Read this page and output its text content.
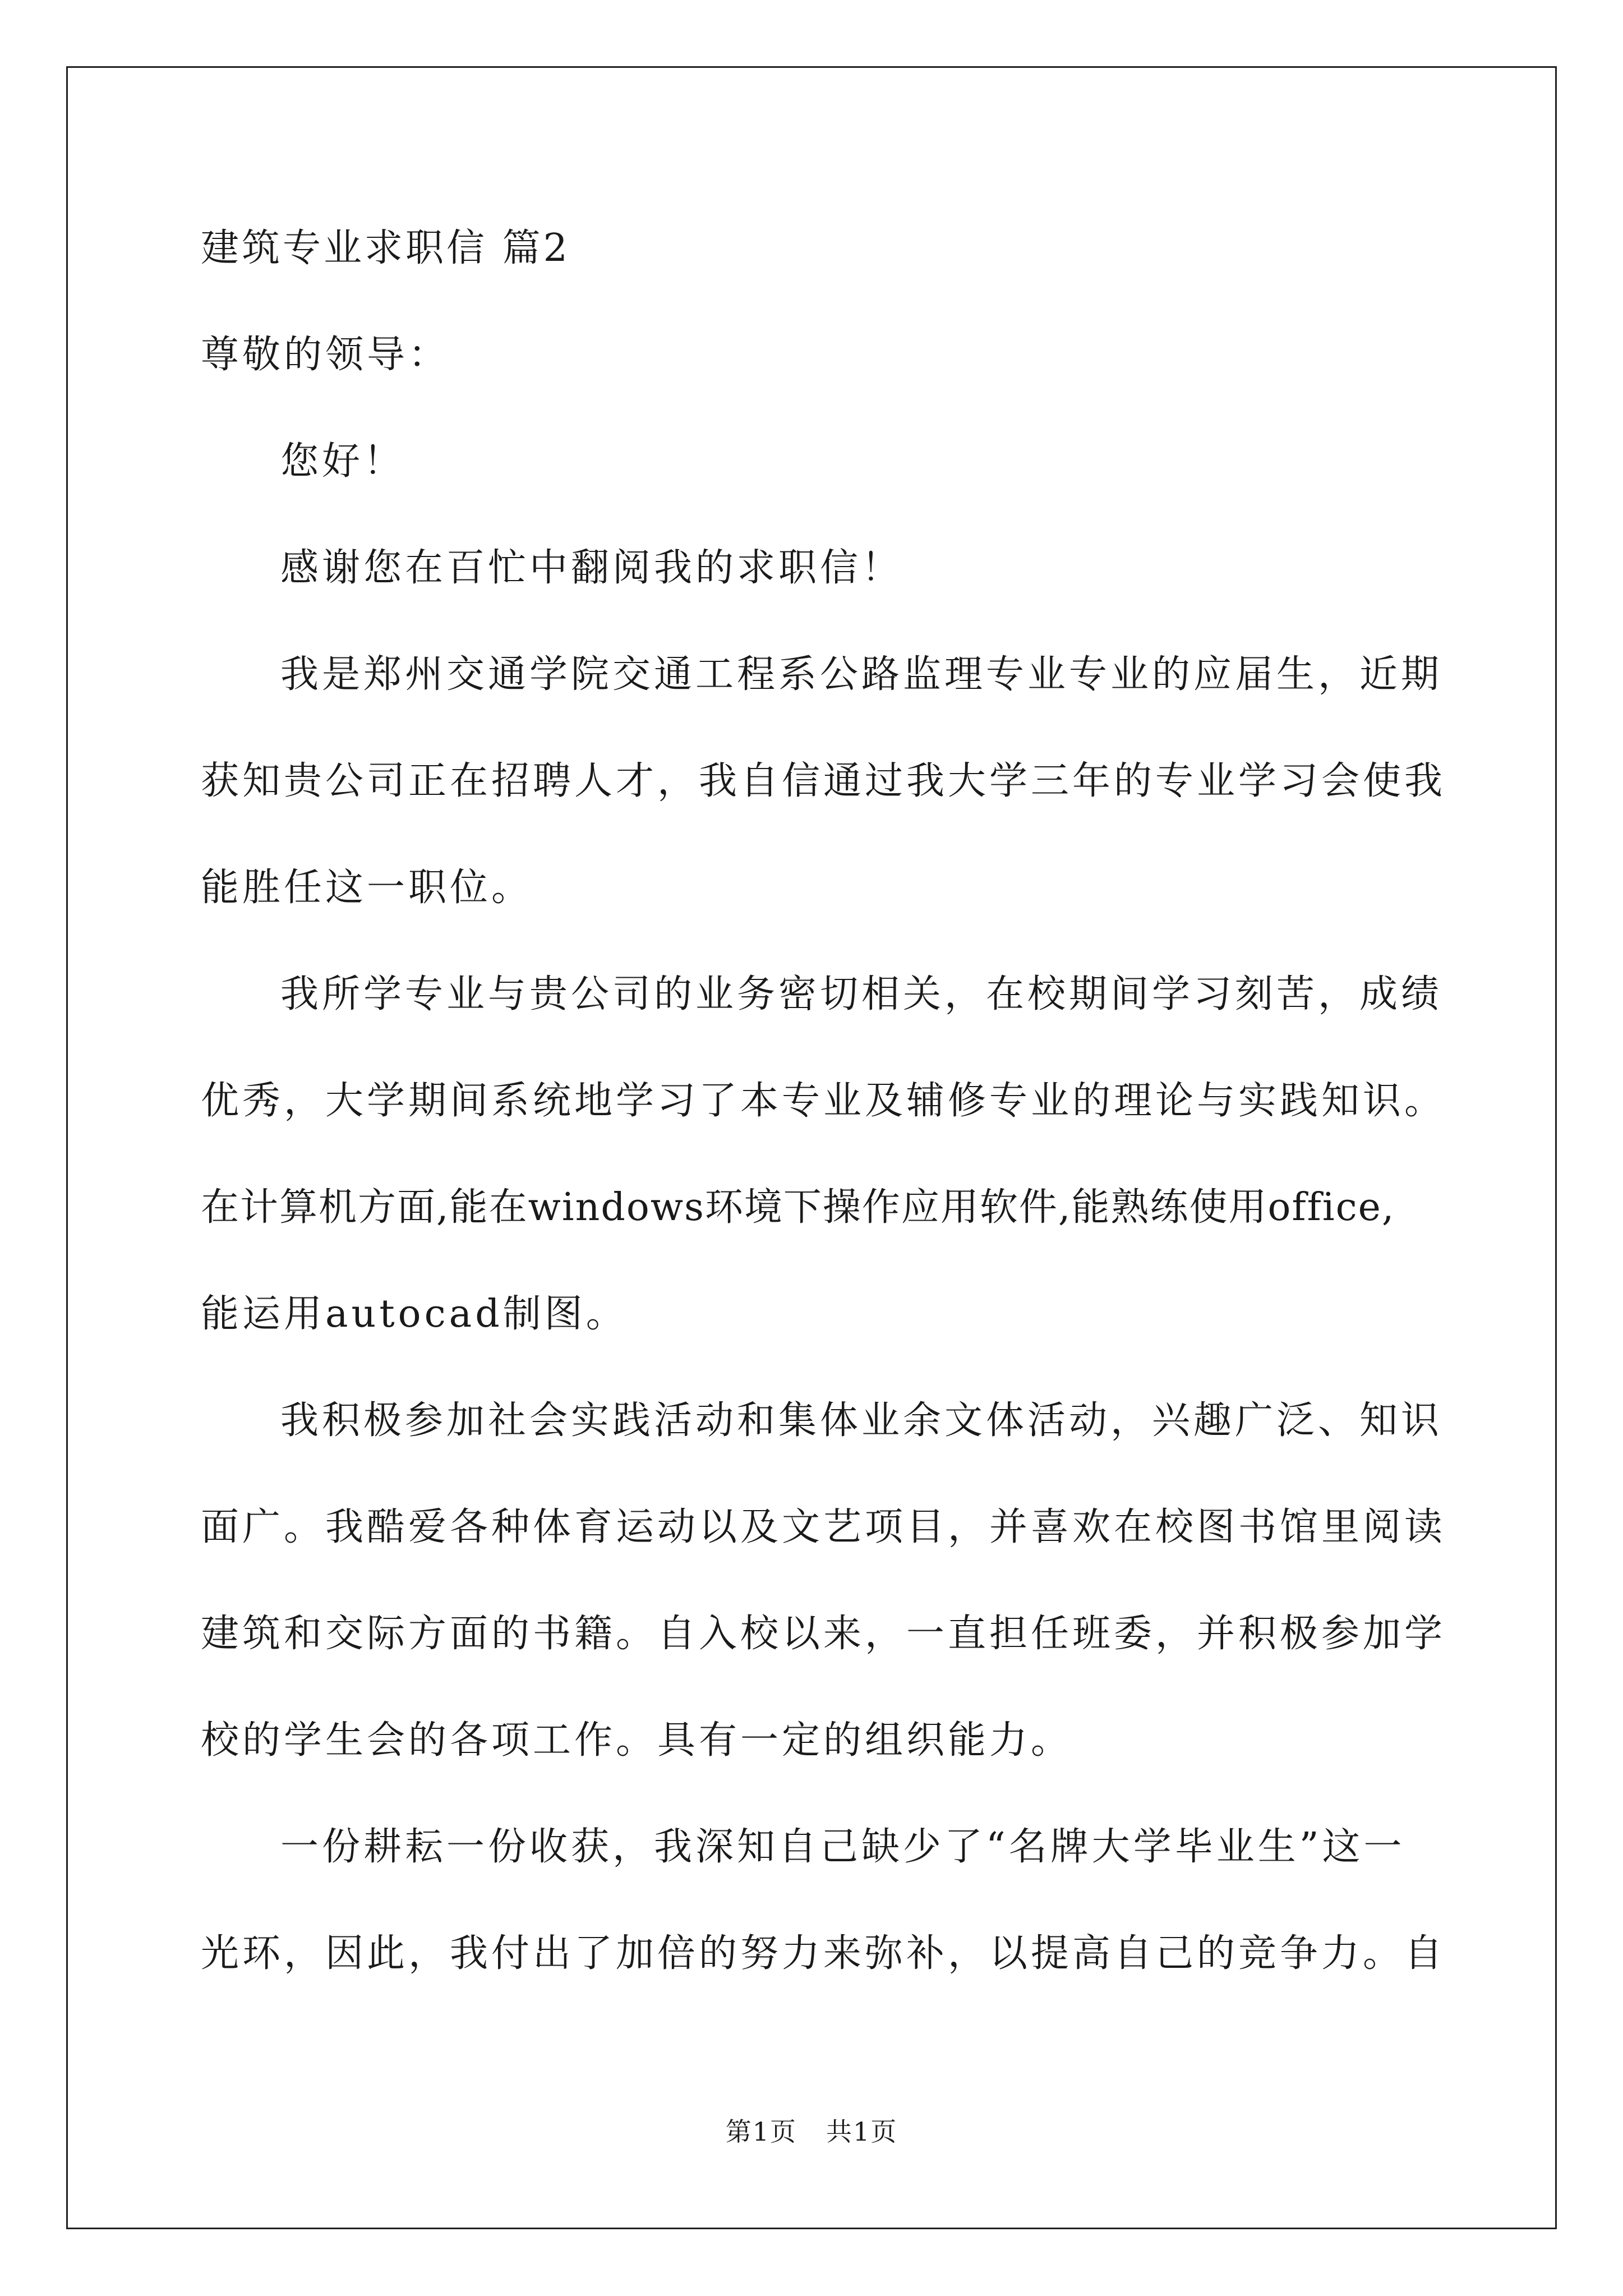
建筑专业求职信 篇2
尊敬的领导：
您好！
感谢您在百忙中翻阅我的求职信！
我是郑州交通学院交通工程系公路监理专业专业的应届生，近期
获知贵公司正在招聘人才，我自信通过我大学三年的专业学习会使我
能胜任这一职位。
我所学专业与贵公司的业务密切相关，在校期间学习刻苦，成绩
优秀，大学期间系统地学习了本专业及辅修专业的理论与实践知识。
在计算机方面,能在windows环境下操作应用软件,能熟练使用office,
能运用autocad制图。
我积极参加社会实践活动和集体业余文体活动，兴趣广泛、知识
面广。我酷爱各种体育运动以及文艺项目，并喜欢在校图书馆里阅读
建筑和交际方面的书籍。自入校以来，一直担任班委，并积极参加学
校的学生会的各项工作。具有一定的组织能力。
一份耕耘一份收获，我深知自己缺少了“名牌大学毕业生”这一
光环，因此，我付出了加倍的努力来弥补，以提高自己的竞争力。自
第1页 共1页
